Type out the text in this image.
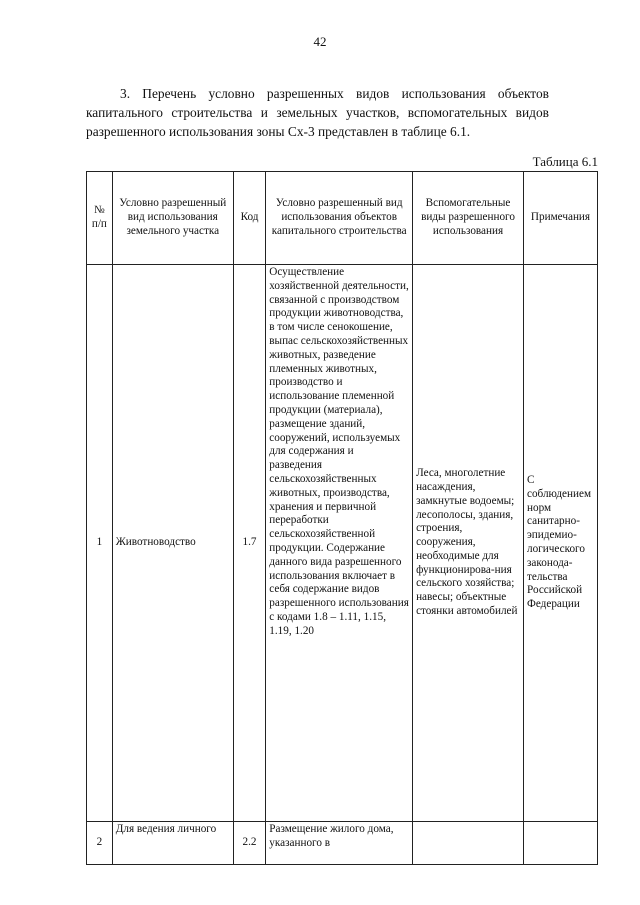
42
3. Перечень условно разрешенных видов использования объектов капитального строительства и земельных участков, вспомогательных видов разрешенного использования зоны Сх-3 представлен в таблице 6.1.
Таблица 6.1
№ п/п	Условно разрешенный вид использования земельного участка	Код	Условно разрешенный вид использования объектов капитального строительства	Вспомогательные виды разрешенного использования	Примечания
1	Животноводство	1.7	Осуществление хозяйственной деятельности, связанной с производством продукции животноводства, в том числе сенокошение, выпас сельскохозяйственных животных, разведение племенных животных, производство и использование племенной продукции (материала), размещение зданий, сооружений, используемых для содержания и разведения сельскохозяйственных животных, производства, хранения и первичной переработки сельскохозяйственной продукции. Содержание данного вида разрешенного использования включает в себя содержание видов разрешенного использования с кодами 1.8 – 1.11, 1.15, 1.19, 1.20	Леса, многолетние насаждения, замкнутые водоемы; лесополосы, здания, строения, сооружения, необходимые для функционирова-ния сельского хозяйства; навесы; объектные стоянки автомобилей	С соблюдением норм санитарно-эпидемио-логического законода-тельства Российской Федерации
2	Для ведения личного	2.2	Размещение жилого дома, указанного в		
